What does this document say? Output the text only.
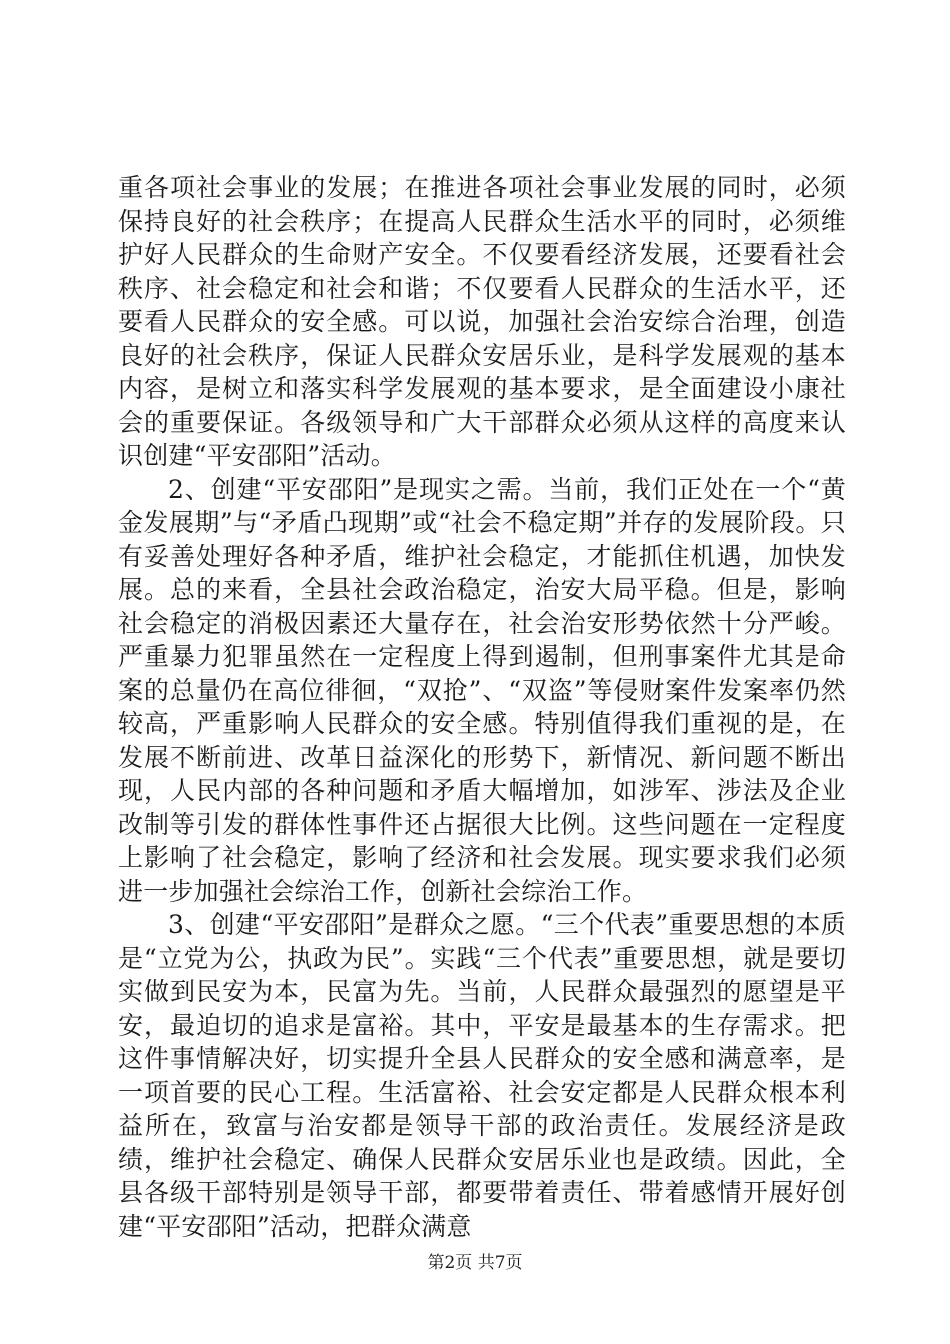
重各项社会事业的发展；在推进各项社会事业发展的同时，必须保持良好的社会秩序；在提高人民群众生活水平的同时，必须维护好人民群众的生命财产安全。不仅要看经济发展，还要看社会秩序、社会稳定和社会和谐；不仅要看人民群众的生活水平，还要看人民群众的安全感。可以说，加强社会治安综合治理，创造良好的社会秩序，保证人民群众安居乐业，是科学发展观的基本内容，是树立和落实科学发展观的基本要求，是全面建设小康社会的重要保证。各级领导和广大干部群众必须从这样的高度来认识创建“平安邵阳”活动。

2、创建“平安邵阳”是现实之需。当前，我们正处在一个“黄金发展期”与“矛盾凸现期”或“社会不稳定期”并存的发展阶段。只有妥善处理好各种矛盾，维护社会稳定，才能抓住机遇，加快发展。总的来看，全县社会政治稳定，治安大局平稳。但是，影响社会稳定的消极因素还大量存在，社会治安形势依然十分严峻。严重暴力犯罪虽然在一定程度上得到遏制，但刑事案件尤其是命案的总量仍在高位徘徊，“双抢”、“双盗”等侵财案件发案率仍然较高，严重影响人民群众的安全感。特别值得我们重视的是，在发展不断前进、改革日益深化的形势下，新情况、新问题不断出现，人民内部的各种问题和矛盾大幅增加，如涉军、涉法及企业改制等引发的群体性事件还占据很大比例。这些问题在一定程度上影响了社会稳定，影响了经济和社会发展。现实要求我们必须进一步加强社会综治工作，创新社会综治工作。

3、创建“平安邵阳”是群众之愿。“三个代表”重要思想的本质是“立党为公，执政为民”。实践“三个代表”重要思想，就是要切实做到民安为本，民富为先。当前，人民群众最强烈的愿望是平安，最迫切的追求是富裕。其中，平安是最基本的生存需求。把这件事情解决好，切实提升全县人民群众的安全感和满意率，是一项首要的民心工程。生活富裕、社会安定都是人民群众根本利益所在，致富与治安都是领导干部的政治责任。发展经济是政绩，维护社会稳定、确保人民群众安居乐业也是政绩。因此，全县各级干部特别是领导干部，都要带着责任、带着感情开展好创建“平安邵阳”活动，把群众满意

第2页 共7页
